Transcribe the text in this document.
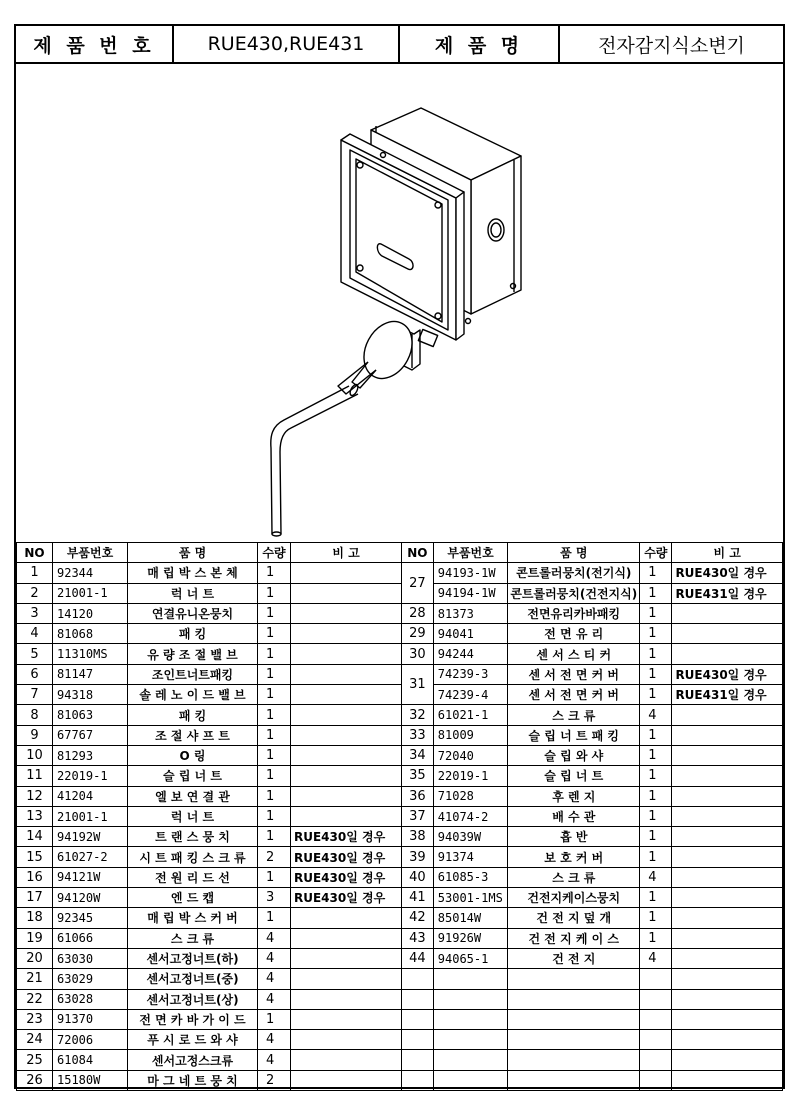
제 품 번 호	RUE430,RUE431	제 품 명	전자감지식소변기
NO	부품번호	품 명	수량	비 고
1	92344	매 립 박 스 본 체	1	
2	21001-1	럭 너 트	1	
3	14120	연결유니온뭉치	1	
4	81068	패 킹	1	
5	11310MS	유 량 조 절 밸 브	1	
6	81147	조인트너트패킹	1	
7	94318	솔 레 노 이 드 밸 브	1	
8	81063	패 킹	1	
9	67767	조 절 샤 프 트	1	
10	81293	O 링	1	
11	22019-1	슬 립 너 트	1	
12	41204	엘 보 연 결 관	1	
13	21001-1	럭 너 트	1	
14	94192W	트 랜 스 뭉 치	1	RUE430일 경우
15	61027-2	시 트 패 킹 스 크 류	2	RUE430일 경우
16	94121W	전 원 리 드 선	1	RUE430일 경우
17	94120W	엔 드 캡	3	RUE430일 경우
18	92345	매 립 박 스 커 버	1	
19	61066	스 크 류	4	
20	63030	센서고정너트(하)	4	
21	63029	센서고정너트(중)	4	
22	63028	센서고정너트(상)	4	
23	91370	전 면 카 바 가 이 드	1	
24	72006	푸 시 로 드 와 샤	4	
25	61084	센서고정스크류	4	
26	15180W	마 그 네 트 뭉 치	2	
NO	부품번호	품 명	수량	비 고
27	94193-1W	콘트롤러뭉치(전기식)	1	RUE430일 경우
	94194-1W	콘트롤러뭉치(건전지식)	1	RUE431일 경우
28	81373	전면유리카바패킹	1	
29	94041	전 면 유 리	1	
30	94244	센 서 스 티 커	1	
31	74239-3	센 서 전 면 커 버	1	RUE430일 경우
	74239-4	센 서 전 면 커 버	1	RUE431일 경우
32	61021-1	스 크 류	4	
33	81009	슬 립 너 트 패 킹	1	
34	72040	슬 립 와 샤	1	
35	22019-1	슬 립 너 트	1	
36	71028	후 렌 지	1	
37	41074-2	배 수 관	1	
38	94039W	흡 반	1	
39	91374	보 호 커 버	1	
40	61085-3	스 크 류	4	
41	53001-1MS	건전지케이스뭉치	1	
42	85014W	건 전 지 덮 개	1	
43	91926W	건 전 지 케 이 스	1	
44	94065-1	건 전 지	4	
